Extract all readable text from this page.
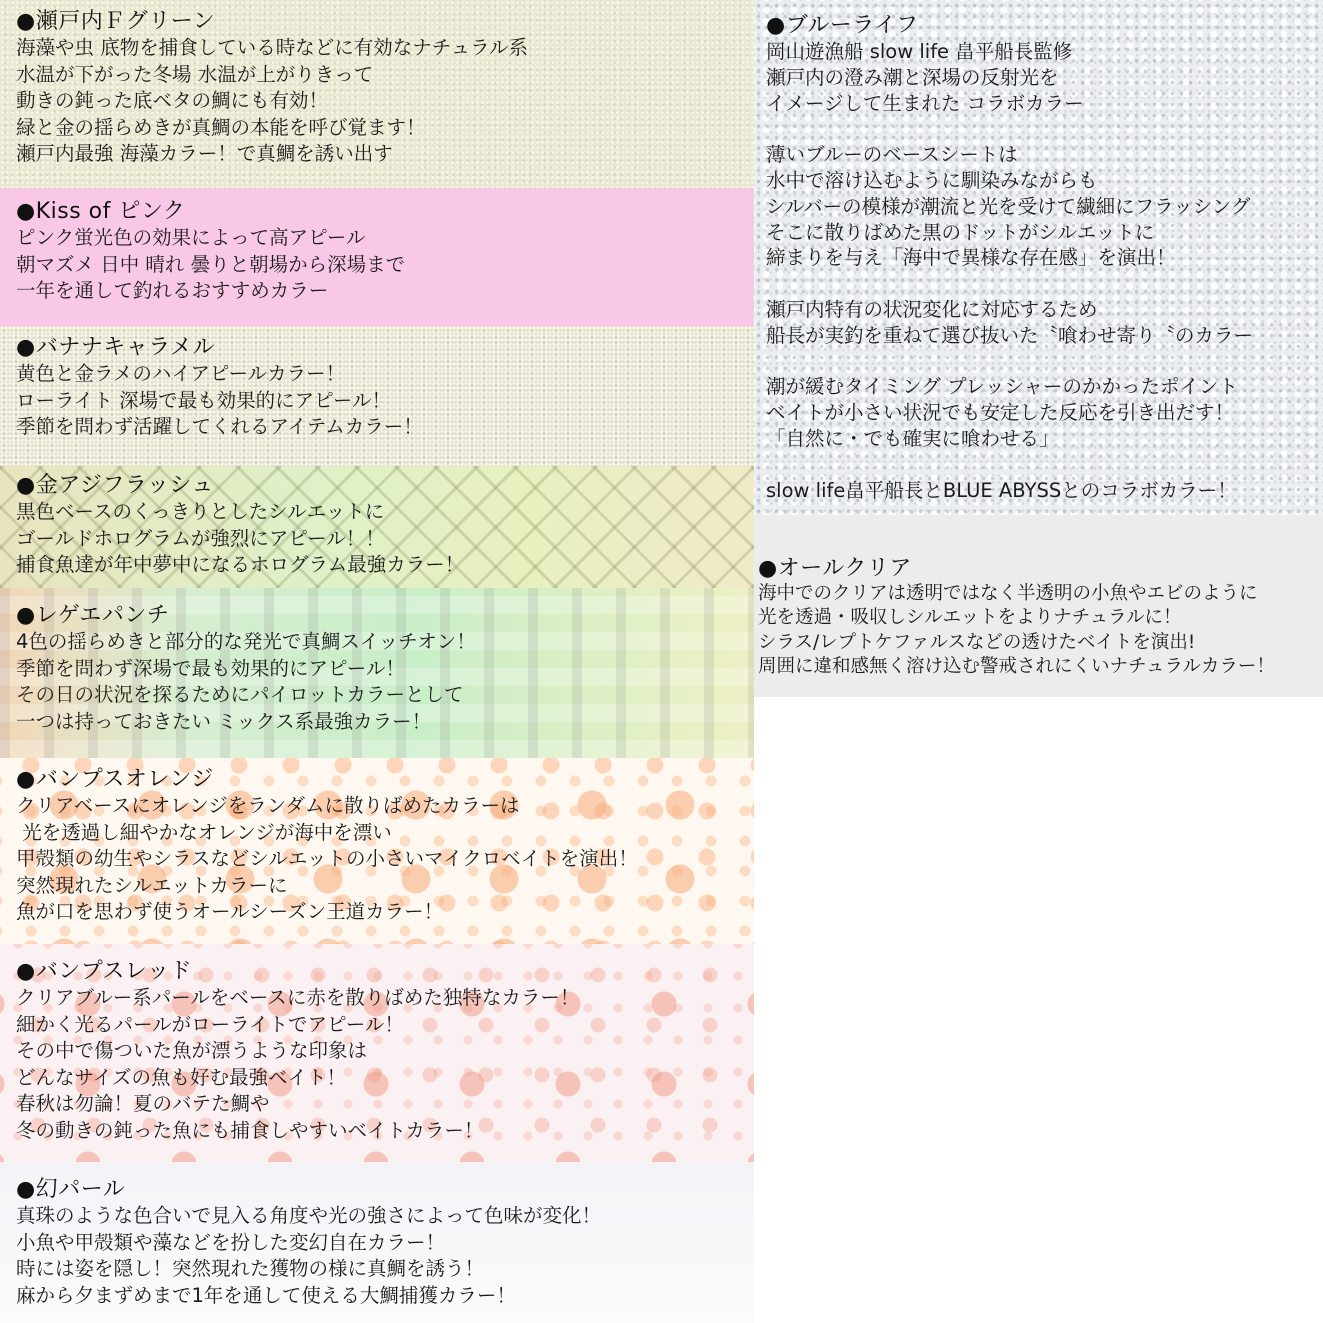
●瀬戸内Ｆグリーン
海藻や虫 底物を捕食している時などに有効なナチュラル系
水温が下がった冬場 水温が上がりきって
動きの鈍った底ベタの鯛にも有効！
緑と金の揺らめきが真鯛の本能を呼び覚ます！
瀬戸内最強 海藻カラー！で真鯛を誘い出す
●Kiss of ピンク
ピンク蛍光色の効果によって高アピール
朝マズメ 日中 晴れ 曇りと朝場から深場まで
一年を通して釣れるおすすめカラー
●バナナキャラメル
黄色と金ラメのハイアピールカラー！
ローライト 深場で最も効果的にアピール！
季節を問わず活躍してくれるアイテムカラー！
●金アジフラッシュ
黒色ベースのくっきりとしたシルエットに
ゴールドホログラムが強烈にアピール！！
捕食魚達が年中夢中になるホログラム最強カラー！
●レゲエパンチ
4色の揺らめきと部分的な発光で真鯛スイッチオン！
季節を問わず深場で最も効果的にアピール！
その日の状況を探るためにパイロットカラーとして
一つは持っておきたい ミックス系最強カラー！
●バンプスオレンジ
クリアベースにオレンジをランダムに散りばめたカラーは
光を透過し細やかなオレンジが海中を漂い
甲殻類の幼生やシラスなどシルエットの小さいマイクロベイトを演出！
突然現れたシルエットカラーに
魚が口を思わず使うオールシーズン王道カラー！
●バンプスレッド
クリアブルー系パールをベースに赤を散りばめた独特なカラー！
細かく光るパールがローライトでアピール！
その中で傷ついた魚が漂うような印象は
どんなサイズの魚も好む最強ベイト！
春秋は勿論！夏のバテた鯛や
冬の動きの鈍った魚にも捕食しやすいベイトカラー！
●幻パール
真珠のような色合いで見入る角度や光の強さによって色味が変化！
小魚や甲殻類や藻などを扮した変幻自在カラー！
時には姿を隠し！突然現れた獲物の様に真鯛を誘う！
麻から夕まずめまで1年を通して使える大鯛捕獲カラー！
●ブルーライフ
岡山遊漁船 slow life 畠平船長監修
瀬戸内の澄み潮と深場の反射光を
イメージして生まれた コラボカラー

薄いブルーのベースシートは
水中で溶け込むように馴染みながらも
シルバーの模様が潮流と光を受けて繊細にフラッシング
そこに散りばめた黒のドットがシルエットに
締まりを与え「海中で異様な存在感」を演出！

瀬戸内特有の状況変化に対応するため
船長が実釣を重ねて選び抜いた〝喰わせ寄り〝のカラー

潮が緩むタイミング プレッシャーのかかったポイント
ベイトが小さい状況でも安定した反応を引き出だす！
「自然に・でも確実に喰わせる」

slow life畠平船長とBLUE ABYSSとのコラボカラー！
●オールクリア
海中でのクリアは透明ではなく半透明の小魚やエビのように
光を透過・吸収しシルエットをよりナチュラルに！
シラス/レプトケファルスなどの透けたベイトを演出!
周囲に違和感無く溶け込む警戒されにくいナチュラルカラー！
